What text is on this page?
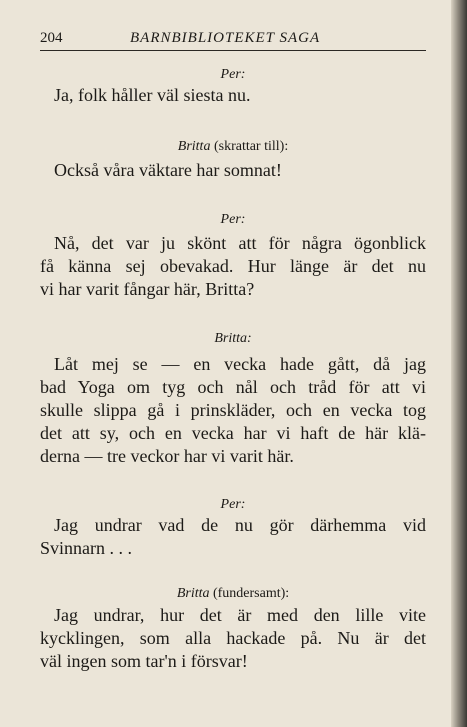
204	BARNBIBLIOTEKET SAGA
Per:
Ja, folk håller väl siesta nu.
Britta (skrattar till):
Också våra väktare har somnat!
Per:
Nå, det var ju skönt att för några ögonblick
få känna sej obevakad. Hur länge är det nu
vi har varit fångar här, Britta?
Britta:
Låt mej se — en vecka hade gått, då jag
bad Yoga om tyg och nål och tråd för att vi
skulle slippa gå i prinskläder, och en vecka tog
det att sy, och en vecka har vi haft de här klä-
derna — tre veckor har vi varit här.
Per:
Jag undrar vad de nu gör därhemma vid
Svinnarn . . .
Britta (fundersamt):
Jag undrar, hur det är med den lille vite
kycklingen, som alla hackade på. Nu är det
väl ingen som tar'n i försvar!
